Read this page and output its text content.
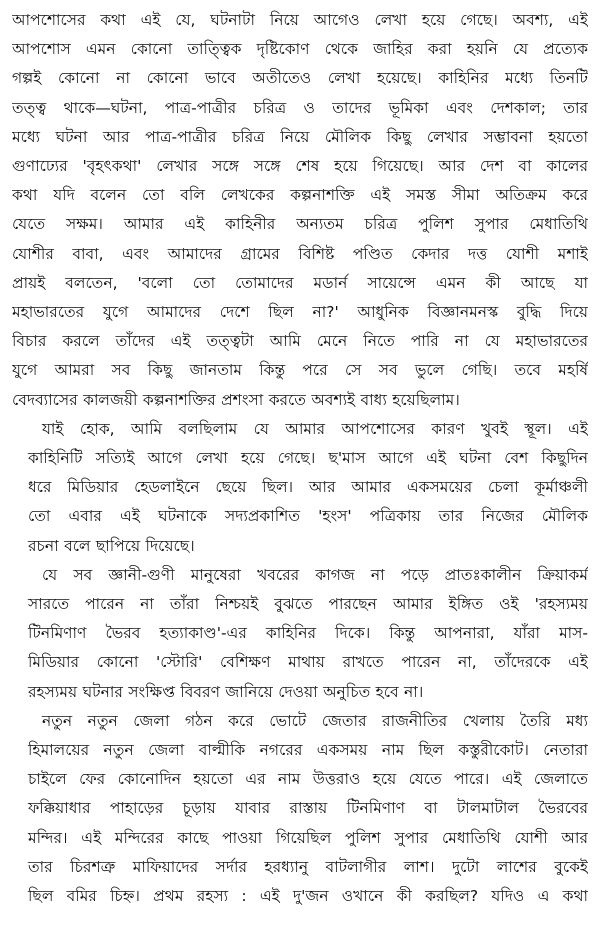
আপশোসের কথা এই যে, ঘটনাটা নিয়ে আগেও লেখা হয়ে গেছে। অবশ্য, এই
আপশোস এমন কোনো তাত্ত্বিক দৃষ্টিকোণ থেকে জাহির করা হয়নি যে প্রত্যেক
গল্পই কোনো না কোনো ভাবে অতীতেও লেখা হয়েছে। কাহিনির মধ্যে তিনটি
তত্ত্ব থাকে—ঘটনা, পাত্র-পাত্রীর চরিত্র ও তাদের ভূমিকা এবং দেশকাল; তার
মধ্যে ঘটনা আর পাত্র-পাত্রীর চরিত্র নিয়ে মৌলিক কিছু লেখার সম্ভাবনা হয়তো
গুণাঢ্যের 'বৃহৎকথা' লেখার সঙ্গে সঙ্গে শেষ হয়ে গিয়েছে। আর দেশ বা কালের
কথা যদি বলেন তো বলি লেখকের কল্পনাশক্তি এই সমস্ত সীমা অতিক্রম করে
যেতে সক্ষম। আমার এই কাহিনীর অন্যতম চরিত্র পুলিশ সুপার মেধাতিথি
যোশীর বাবা, এবং আমাদের গ্রামের বিশিষ্ট পণ্ডিত কেদার দত্ত যোশী মশাই
প্রায়ই বলতেন, 'বলো তো তোমাদের মডার্ন সায়েন্সে এমন কী আছে যা
মহাভারতের যুগে আমাদের দেশে ছিল না?' আধুনিক বিজ্ঞানমনস্ক বুদ্ধি দিয়ে
বিচার করলে তাঁদের এই তত্ত্বটা আমি মেনে নিতে পারি না যে মহাভারতের
যুগে আমরা সব কিছু জানতাম কিন্তু পরে সে সব ভুলে গেছি। তবে মহর্ষি
বেদব্যাসের কালজয়ী কল্পনাশক্তির প্রশংসা করতে অবশ্যই বাধ্য হয়েছিলাম।
যাই হোক, আমি বলছিলাম যে আমার আপশোসের কারণ খুবই স্থূল। এই
কাহিনিটি সত্যিই আগে লেখা হয়ে গেছে। ছ'মাস আগে এই ঘটনা বেশ কিছুদিন
ধরে মিডিয়ার হেডলাইনে ছেয়ে ছিল। আর আমার একসময়ের চেলা কূর্মাঞ্চলী
তো এবার এই ঘটনাকে সদ্যপ্রকাশিত 'হংস' পত্রিকায় তার নিজের মৌলিক
রচনা বলে ছাপিয়ে দিয়েছে।
যে সব জ্ঞানী-গুণী মানুষেরা খবরের কাগজ না পড়ে প্রাতঃকালীন ক্রিয়াকর্ম
সারতে পারেন না তাঁরা নিশ্চয়ই বুঝতে পারছেন আমার ইঙ্গিত ওই 'রহস্যময়
টিনমিণাণ ভৈরব হত্যাকাণ্ড'-এর কাহিনির দিকে। কিন্তু আপনারা, যাঁরা মাস-
মিডিয়ার কোনো 'স্টোরি' বেশিক্ষণ মাথায় রাখতে পারেন না, তাঁদেরকে এই
রহস্যময় ঘটনার সংক্ষিপ্ত বিবরণ জানিয়ে দেওয়া অনুচিত হবে না।
নতুন নতুন জেলা গঠন করে ভোটে জেতার রাজনীতির খেলায় তৈরি মধ্য
হিমালয়ের নতুন জেলা বাল্মীকি নগরের একসময় নাম ছিল কস্তুরীকোট। নেতারা
চাইলে ফের কোনোদিন হয়তো এর নাম উত্তরাও হয়ে যেতে পারে। এই জেলাতে
ফক্কিয়াধার পাহাড়ের চূড়ায় যাবার রাস্তায় টিনমিণাণ বা টালমাটাল ভৈরবের
মন্দির। এই মন্দিরের কাছে পাওয়া গিয়েছিল পুলিশ সুপার মেধাতিথি যোশী আর
তার চিরশত্রু মাফিয়াদের সর্দার হরধ্যানু বাটলাগীর লাশ। দুটো লাশের বুকেই
ছিল বমির চিহ্ন। প্রথম রহস্য : এই দু'জন ওখানে কী করছিল? যদিও এ কথা
